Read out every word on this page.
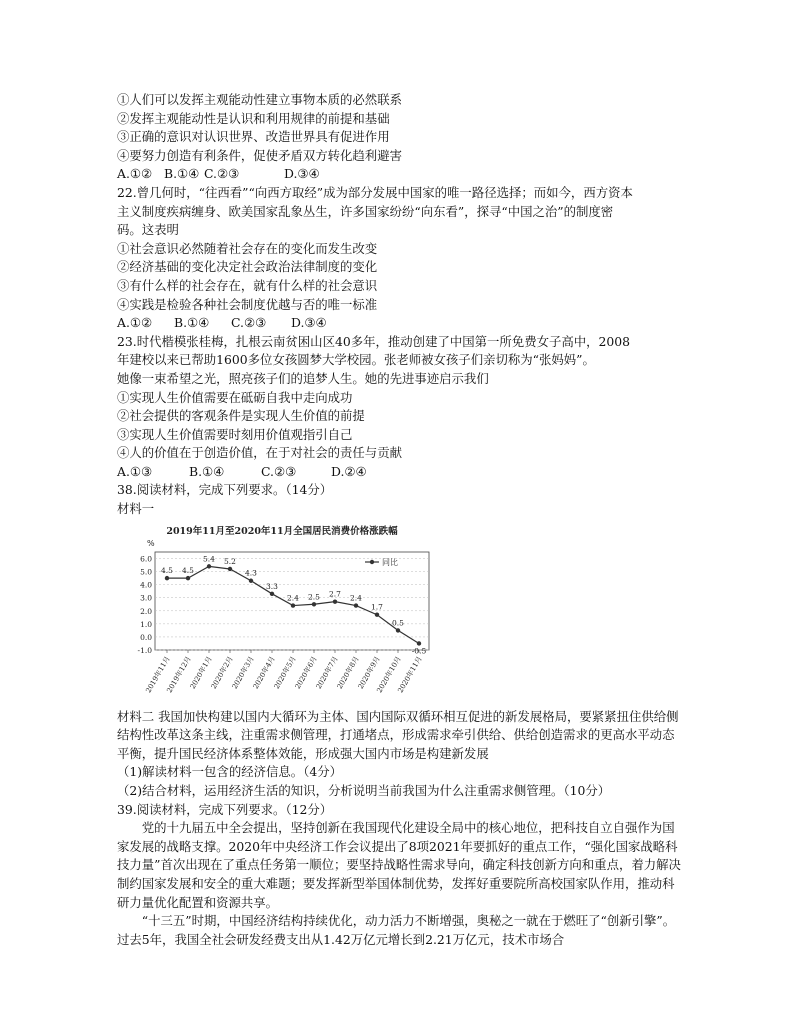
①人们可以发挥主观能动性建立事物本质的必然联系
②发挥主观能动性是认识和利用规律的前提和基础
③正确的意识对认识世界、改造世界具有促进作用
④要努力创造有利条件，促使矛盾双方转化趋利避害
A.①② B.①④ C.②③	D.③④
22.曾几何时，“往西看”“向西方取经”成为部分发展中国家的唯一路径选择；而如今，西方资本
主义制度疾病缠身、欧美国家乱象丛生，许多国家纷纷“向东看”，探寻“中国之治”的制度密
码。这表明
①社会意识必然随着社会存在的变化而发生改变
②经济基础的变化决定社会政治法律制度的变化
③有什么样的社会存在，就有什么样的社会意识
④实践是检验各种社会制度优越与否的唯一标准
A.①② B.①④ C.②③ D.③④
23.时代楷模张桂梅，扎根云南贫困山区40多年，推动创建了中国第一所免费女子高中，2008
年建校以来已帮助1600多位女孩圆梦大学校园。张老师被女孩子们亲切称为“张妈妈”。
她像一束希望之光，照亮孩子们的追梦人生。她的先进事迹启示我们
①实现人生价值需要在砥砺自我中走向成功
②社会提供的客观条件是实现人生价值的前提
③实现人生价值需要时刻用价值观指引自己
④人的价值在于创造价值，在于对社会的责任与贡献
A.①③	B.①④	C.②③	D.②④
38.阅读材料，完成下列要求。（14分）
材料一
2019年11月至2020年11月全国居民消费价格涨跌幅
%
6.0
5.0
4.0
3.0
2.0
1.0
0.0
-1.0
2019年11月
2019年12月
2020年1月
2020年2月
2020年3月
2020年4月
2020年5月
2020年6月
2020年7月
2020年8月
2020年9月
2020年10月
2020年11月
4.5 4.5
5.4 5.2
4.3
3.3
2.4 2.5 2.7 2.4
1.7
0.5
-0.5
同比
材料二 我国加快构建以国内大循环为主体、国内国际双循环相互促进的新发展格局，要紧紧扭住供给侧结构性改革这条主线，注重需求侧管理，打通堵点，形成需求牵引供给、供给创造需求的更高水平动态平衡，提升国民经济体系整体效能，形成强大国内市场是构建新发展
（1)解读材料一包含的经济信息。（4分）
（2)结合材料，运用经济生活的知识，分析说明当前我国为什么注重需求侧管理。（10分）
39.阅读材料，完成下列要求。（12分）
党的十九届五中全会提出，坚持创新在我国现代化建设全局中的核心地位，把科技自立自强作为国家发展的战略支撑。2020年中央经济工作会议提出了8项2021年要抓好的重点工作，“强化国家战略科技力量”首次出现在了重点任务第一顺位；要坚持战略性需求导向，确定科技创新方向和重点，着力解决制约国家发展和安全的重大难题；要发挥新型举国体制优势，发挥好重要院所高校国家队作用，推动科研力量优化配置和资源共享。
“十三五”时期，中国经济结构持续优化，动力活力不断增强，奥秘之一就在于燃旺了“创新引擎”。过去5年，我国全社会研发经费支出从1.42万亿元增长到2.21万亿元，技术市场合
